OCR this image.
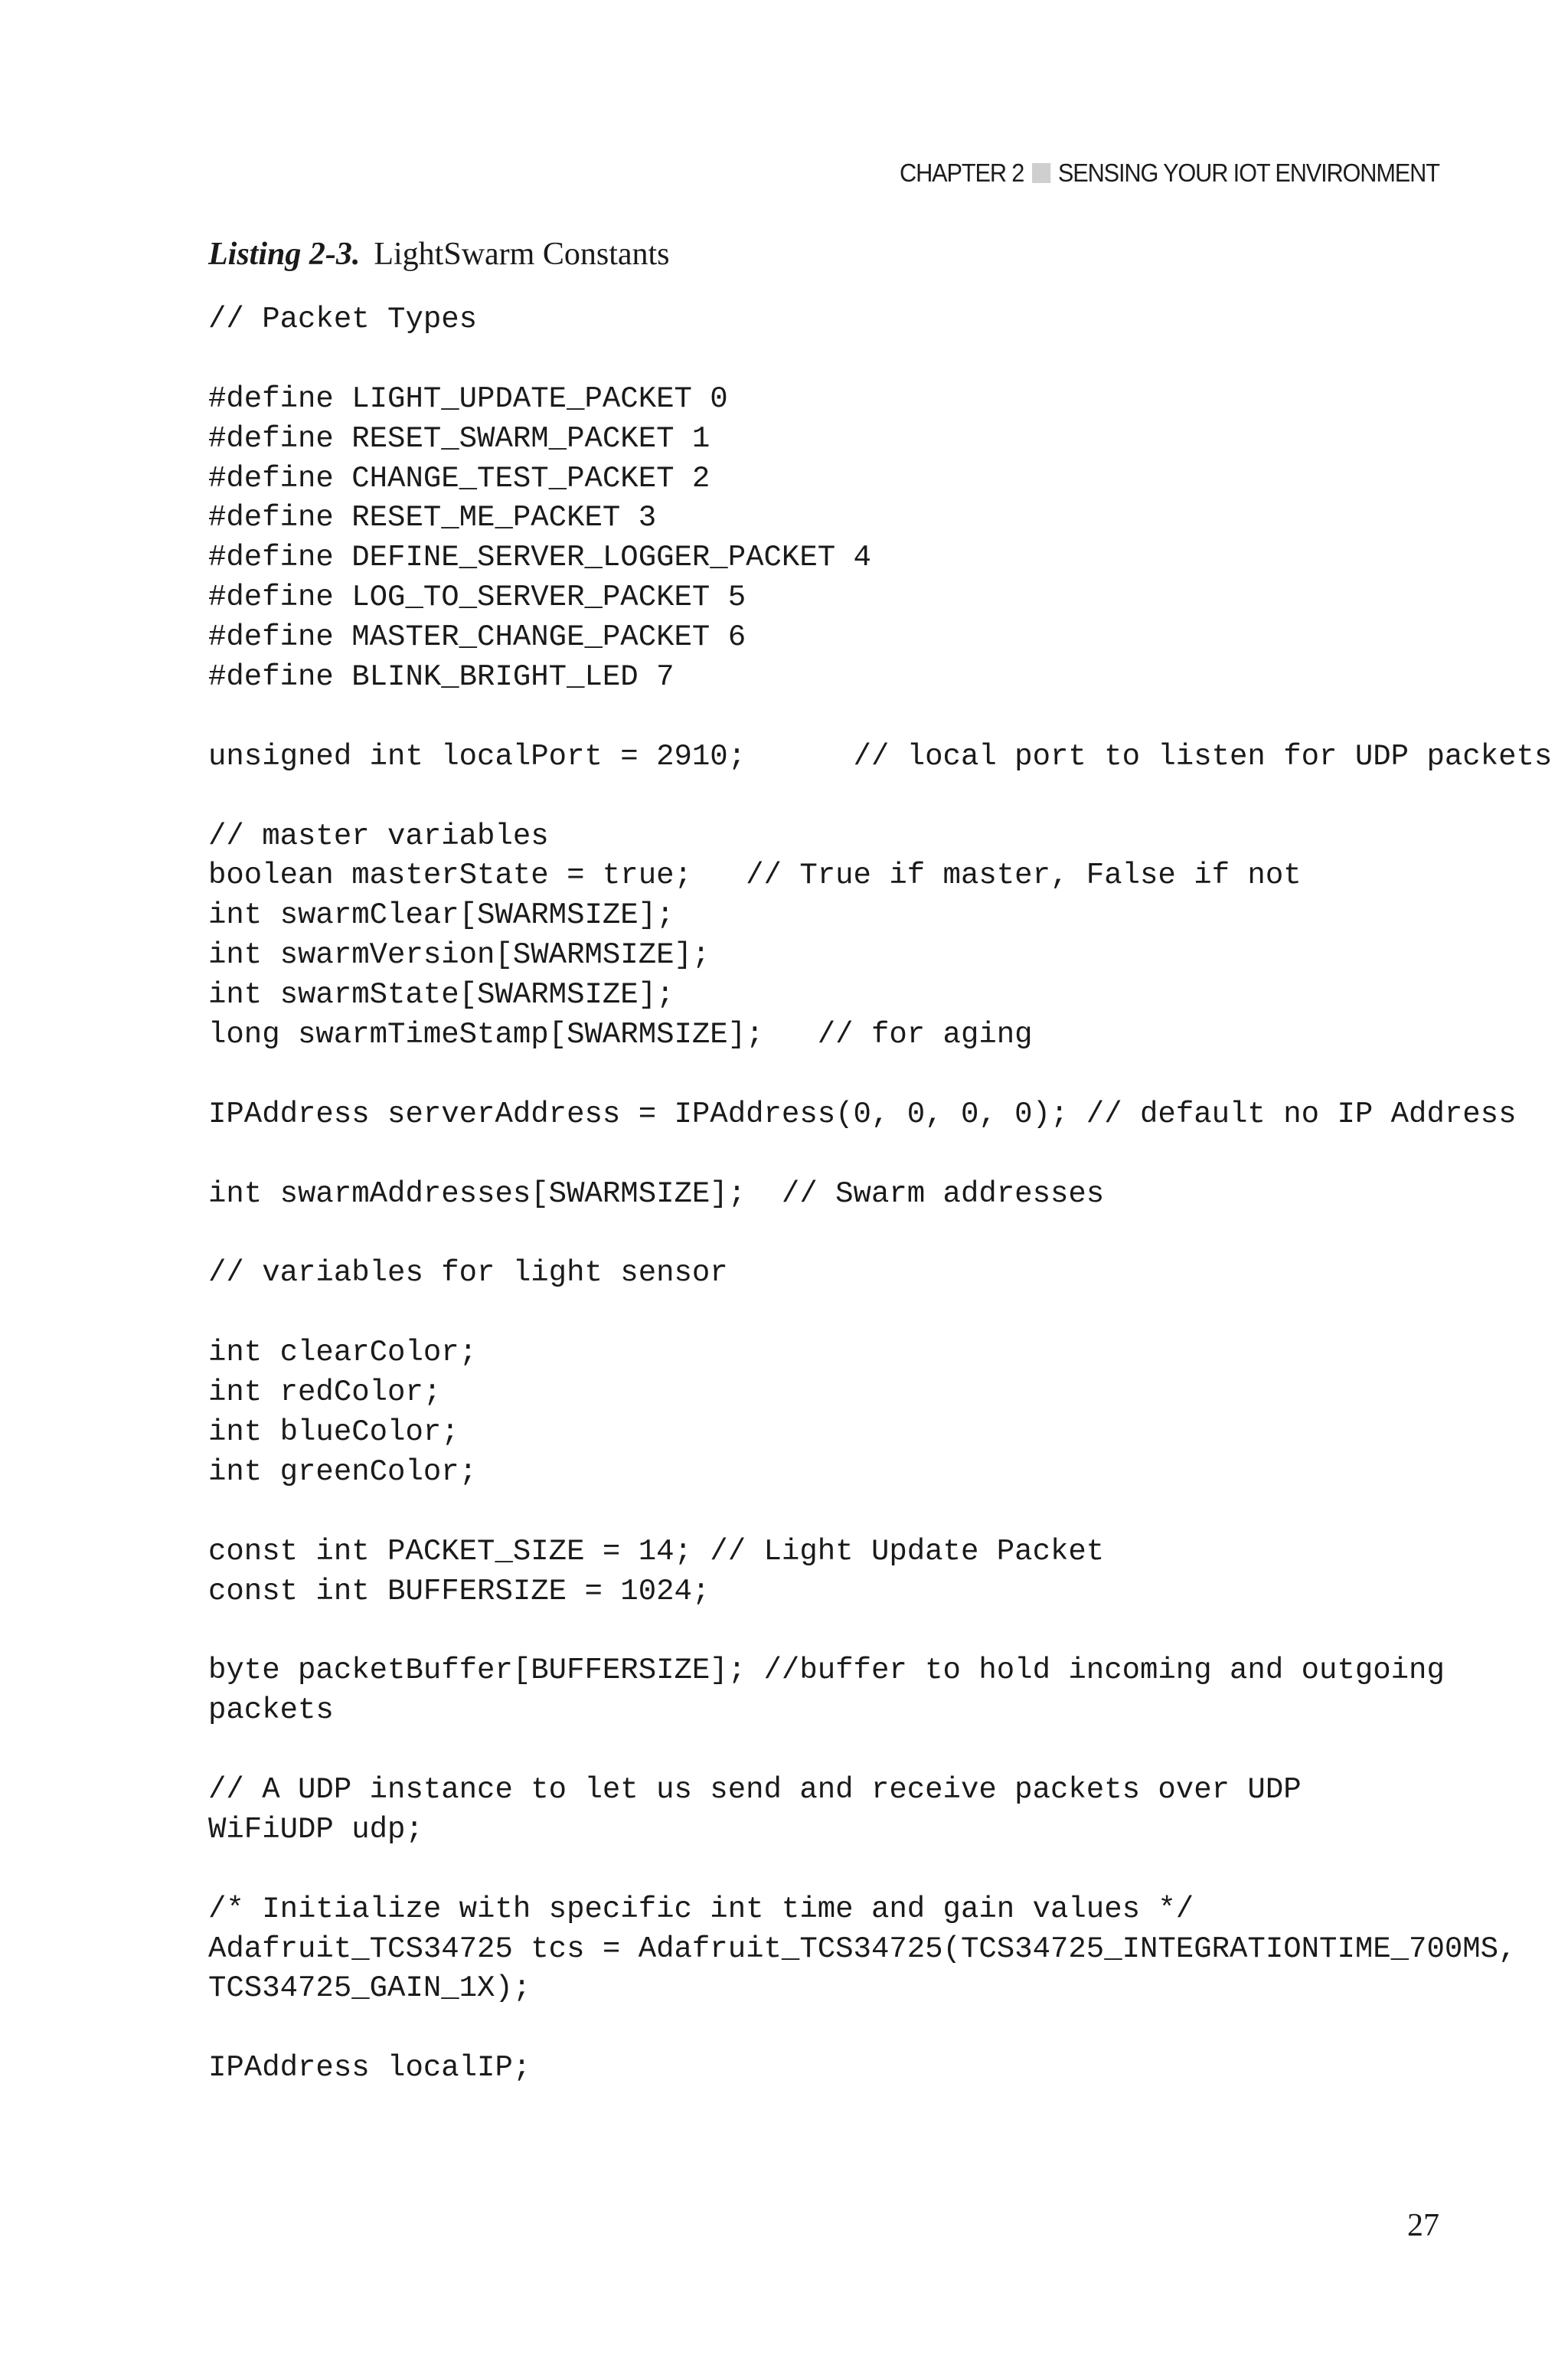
CHAPTER 2 SENSING YOUR IOT ENVIRONMENT
Listing 2-3. LightSwarm Constants
// Packet Types
#define LIGHT_UPDATE_PACKET 0
#define RESET_SWARM_PACKET 1
#define CHANGE_TEST_PACKET 2
#define RESET_ME_PACKET 3
#define DEFINE_SERVER_LOGGER_PACKET 4
#define LOG_TO_SERVER_PACKET 5
#define MASTER_CHANGE_PACKET 6
#define BLINK_BRIGHT_LED 7
unsigned int localPort = 2910;      // local port to listen for UDP packets
// master variables
boolean masterState = true;   // True if master, False if not
int swarmClear[SWARMSIZE];
int swarmVersion[SWARMSIZE];
int swarmState[SWARMSIZE];
long swarmTimeStamp[SWARMSIZE];   // for aging
IPAddress serverAddress = IPAddress(0, 0, 0, 0); // default no IP Address
int swarmAddresses[SWARMSIZE];  // Swarm addresses
// variables for light sensor
int clearColor;
int redColor;
int blueColor;
int greenColor;
const int PACKET_SIZE = 14; // Light Update Packet
const int BUFFERSIZE = 1024;
byte packetBuffer[BUFFERSIZE]; //buffer to hold incoming and outgoing
packets
// A UDP instance to let us send and receive packets over UDP
WiFiUDP udp;
/* Initialize with specific int time and gain values */
Adafruit_TCS34725 tcs = Adafruit_TCS34725(TCS34725_INTEGRATIONTIME_700MS,
TCS34725_GAIN_1X);
IPAddress localIP;
27
